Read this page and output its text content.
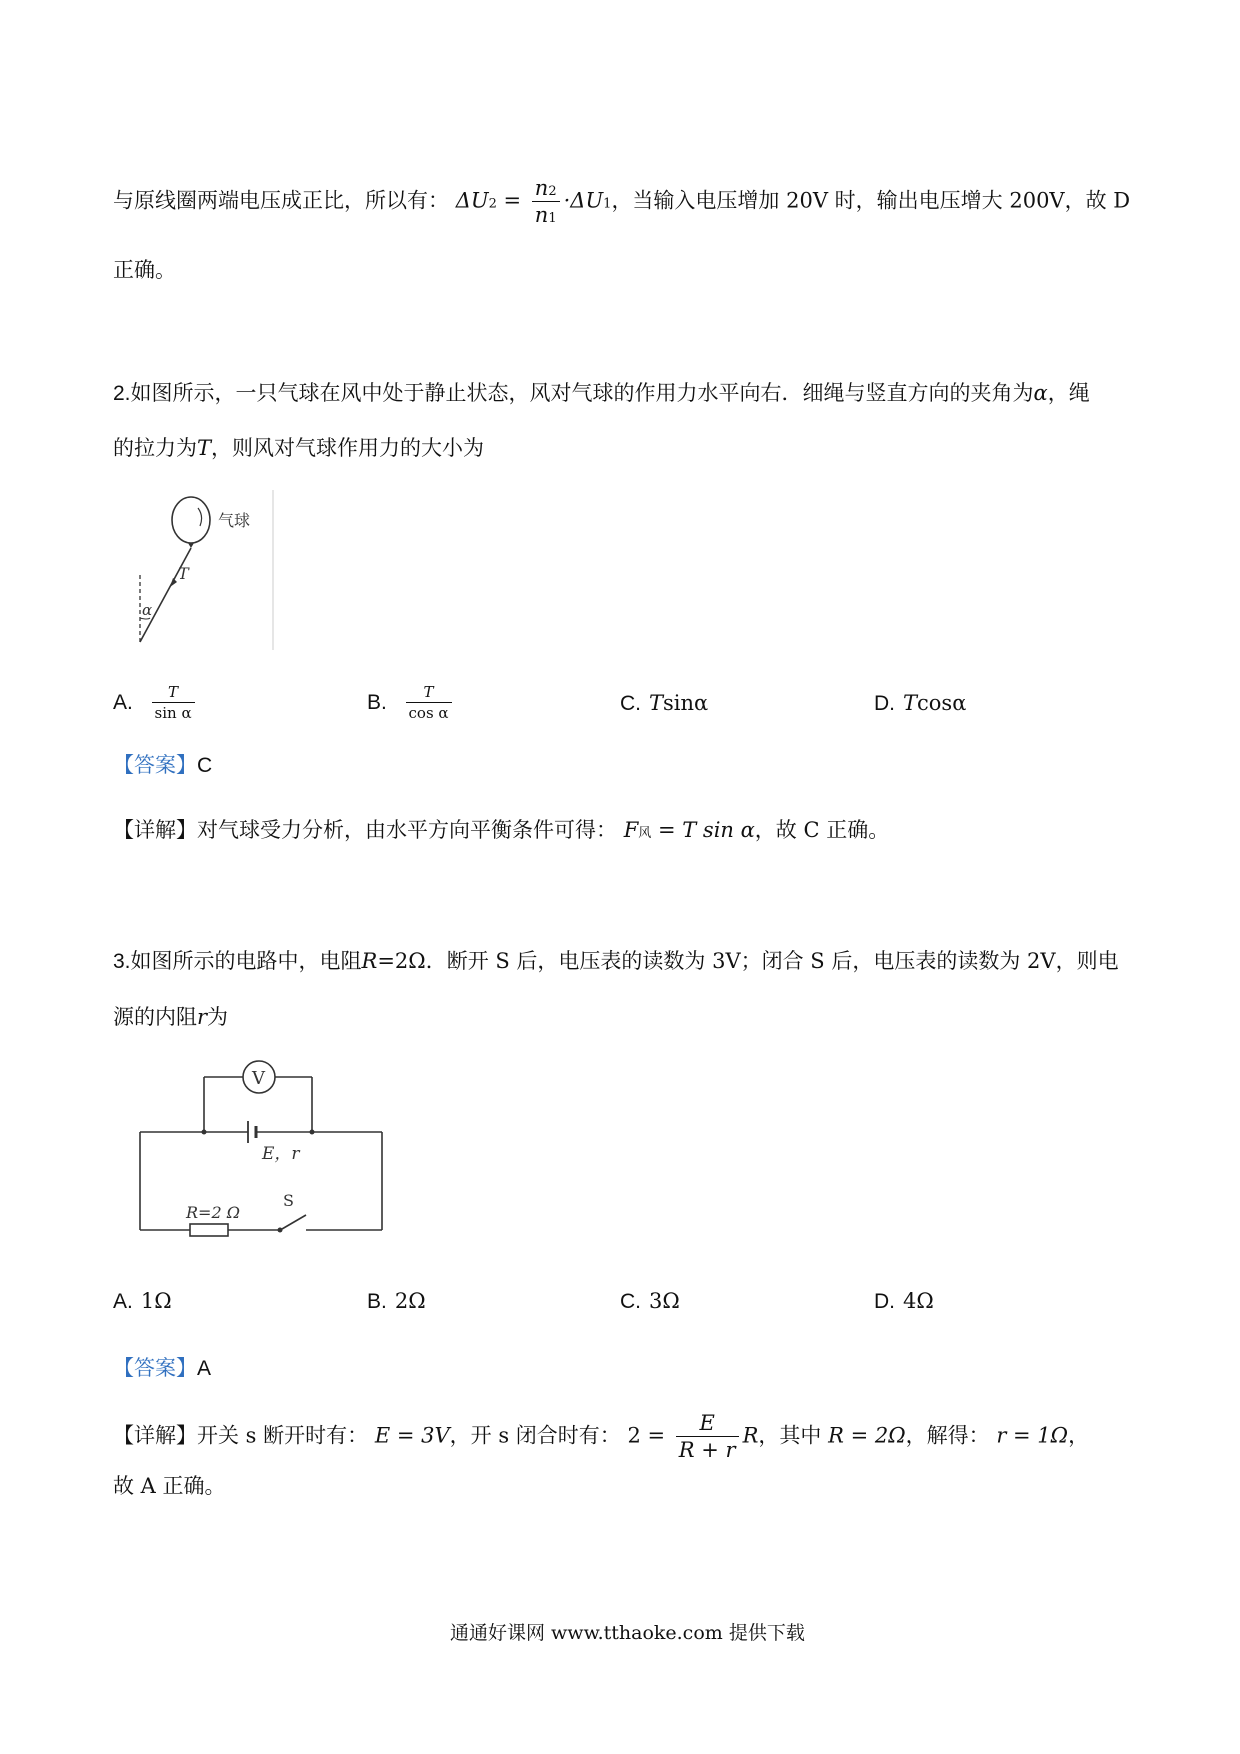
与原线圈两端电压成正比，所以有： $\Delta U2 = \frac{n2}{n1} \cdot\Delta U1$，当输入电压增加 20V 时，输出电压增大 200V，故 D
正确。
2.如图所示，一只气球在风中处于静止状态，风对气球的作用力水平向右．细绳与竖直方向的夹角为α，绳
的拉力为T，则风对气球作用力的大小为
气球
T
α
A. $\frac{T}{\text{sin α}}$	B. $\frac{T}{\text{cos α}}$	C. Tsinα	D. Tcosα
【答案】C
【详解】对气球受力分析，由水平方向平衡条件可得： F风 = T sin α，故 C 正确。
3.如图所示的电路中，电阻R=2Ω．断开 S 后，电压表的读数为 3V；闭合 S 后，电压表的读数为 2V，则电
源的内阻r为
V
E，r
R=2 Ω
S
A. 1Ω	B. 2Ω	C. 3Ω	D. 4Ω
【答案】A
【详解】开关 s 断开时有： E = 3V，开 s 闭合时有： $2 = \frac{E}{R + r}$ R，其中 R = 2Ω，解得： r = 1Ω，
故 A 正确。
通通好课网 www.tthaoke.com 提供下载
